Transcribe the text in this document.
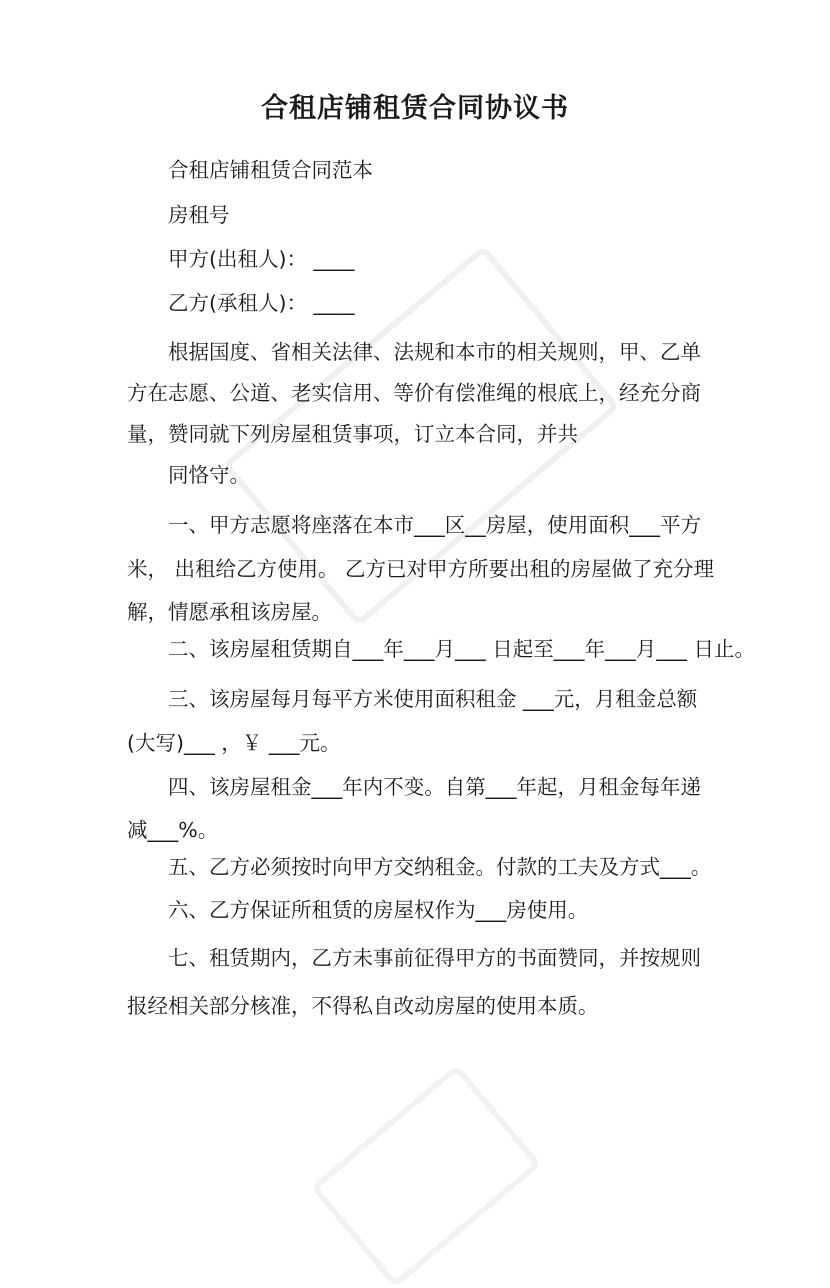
合租店铺租赁合同协议书
合租店铺租赁合同范本
房租号
甲方(出租人)： ____
乙方(承租人)： ____
根据国度、省相关法律、法规和本市的相关规则，甲、乙单
方在志愿、公道、老实信用、等价有偿准绳的根底上，经充分商
量，赞同就下列房屋租赁事项，订立本合同，并共
同恪守。
一、甲方志愿将座落在本市___区__房屋，使用面积___平方
米， 出租给乙方使用。 乙方已对甲方所要出租的房屋做了充分理
解，情愿承租该房屋。
二、该房屋租赁期自___年___月___ 日起至___年___月___ 日止。
三、该房屋每月每平方米使用面积租金 ___元，月租金总额
(大写)___ ，￥ ___元。
四、该房屋租金___年内不变。自第___年起，月租金每年递
减___%。
五、乙方必须按时向甲方交纳租金。付款的工夫及方式___。
六、乙方保证所租赁的房屋权作为___房使用。
七、租赁期内，乙方未事前征得甲方的书面赞同，并按规则
报经相关部分核准，不得私自改动房屋的使用本质。
